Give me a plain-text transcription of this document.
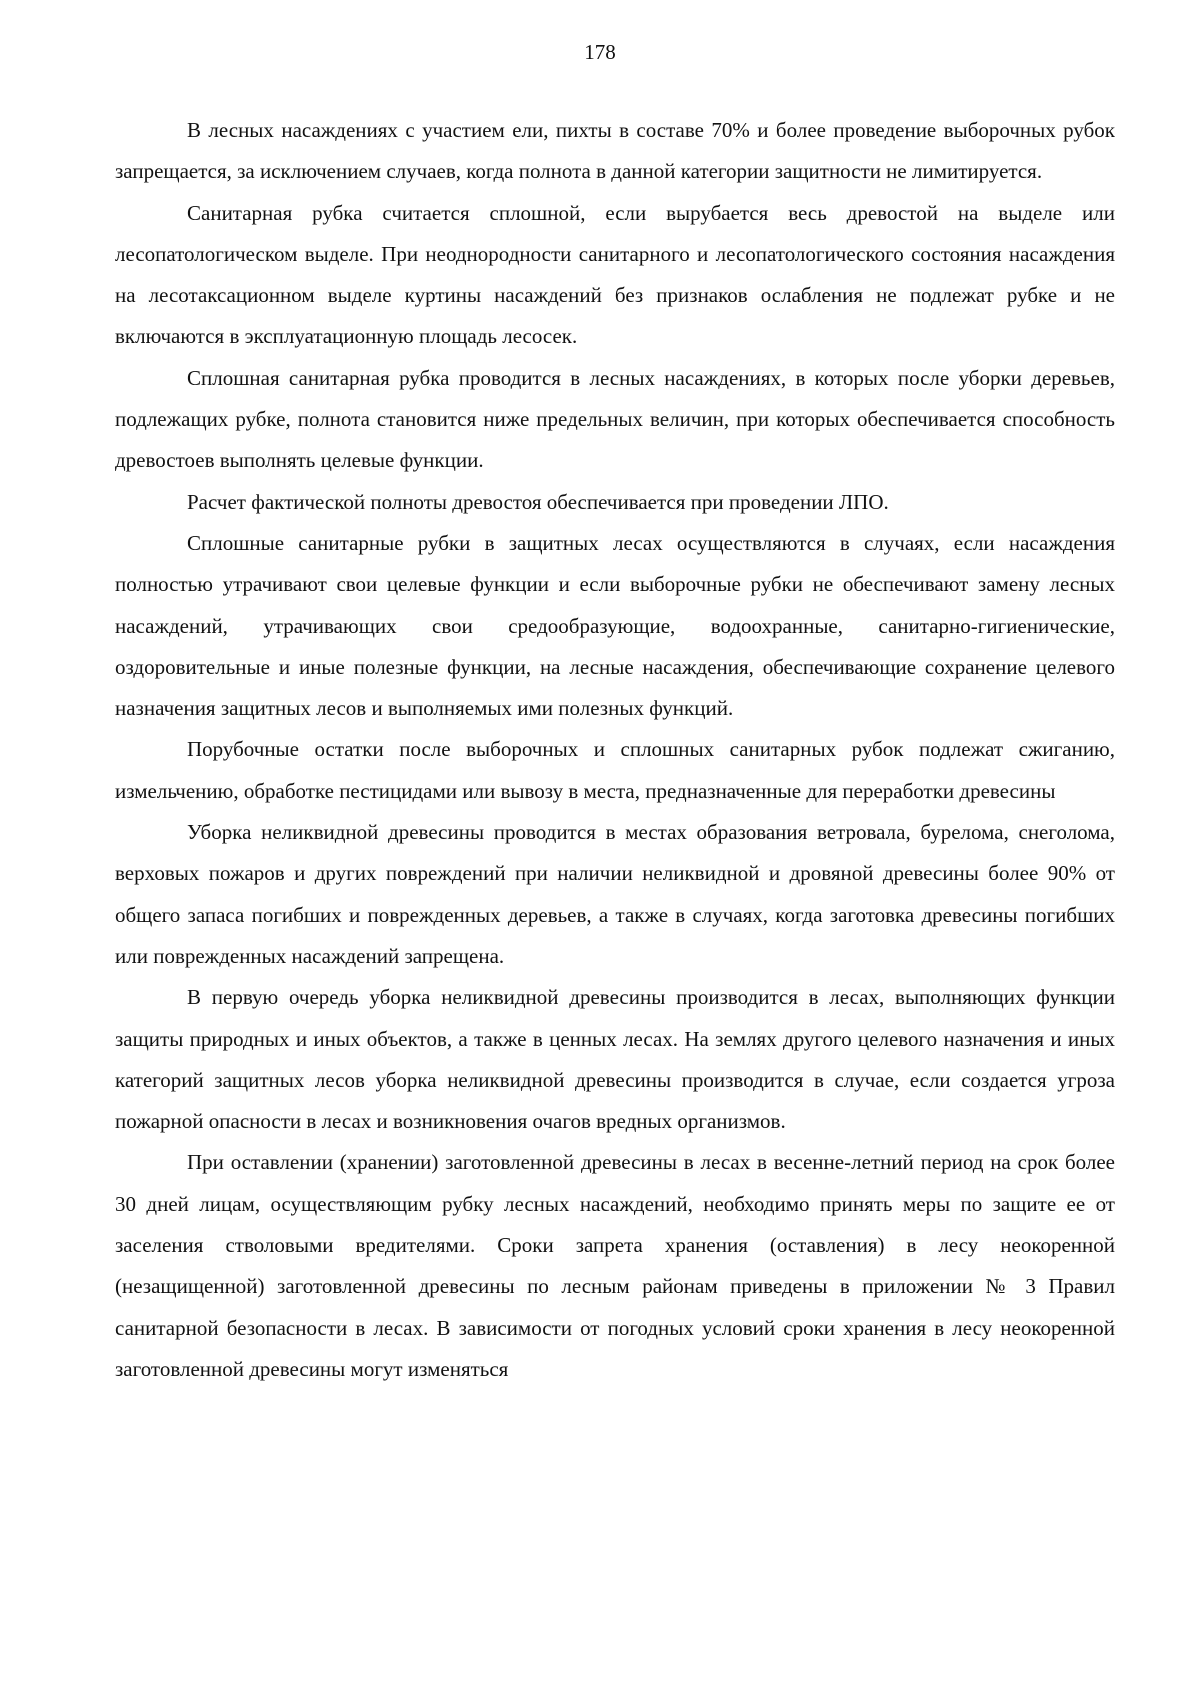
178

В лесных насаждениях с участием ели, пихты в составе 70% и более проведение выборочных рубок запрещается, за исключением случаев, когда полнота в данной категории защитности не лимитируется.

Санитарная рубка считается сплошной, если вырубается весь древостой на выделе или лесопатологическом выделе. При неоднородности санитарного и лесопатологического состояния насаждения на лесотаксационном выделе куртины насаждений без признаков ослабления не подлежат рубке и не включаются в эксплуатационную площадь лесосек.

Сплошная санитарная рубка проводится в лесных насаждениях, в которых после уборки деревьев, подлежащих рубке, полнота становится ниже предельных величин, при которых обеспечивается способность древостоев выполнять целевые функции.

Расчет фактической полноты древостоя обеспечивается при проведении ЛПО.

Сплошные санитарные рубки в защитных лесах осуществляются в случаях, если насаждения полностью утрачивают свои целевые функции и если выборочные рубки не обеспечивают замену лесных насаждений, утрачивающих свои средообразующие, водоохранные, санитарно-гигиенические, оздоровительные и иные полезные функции, на лесные насаждения, обеспечивающие сохранение целевого назначения защитных лесов и выполняемых ими полезных функций.

Порубочные остатки после выборочных и сплошных санитарных рубок подлежат сжиганию, измельчению, обработке пестицидами или вывозу в места, предназначенные для переработки древесины

Уборка неликвидной древесины проводится в местах образования ветровала, бурелома, снеголома, верховых пожаров и других повреждений при наличии неликвидной и дровяной древесины более 90% от общего запаса погибших и поврежденных деревьев, а также в случаях, когда заготовка древесины погибших или поврежденных насаждений запрещена.

В первую очередь уборка неликвидной древесины производится в лесах, выполняющих функции защиты природных и иных объектов, а также в ценных лесах. На землях другого целевого назначения и иных категорий защитных лесов уборка неликвидной древесины производится в случае, если создается угроза пожарной опасности в лесах и возникновения очагов вредных организмов.

При оставлении (хранении) заготовленной древесины в лесах в весенне-летний период на срок более 30 дней лицам, осуществляющим рубку лесных насаждений, необходимо принять меры по защите ее от заселения стволовыми вредителями. Сроки запрета хранения (оставления) в лесу неокоренной (незащищенной) заготовленной древесины по лесным районам приведены в приложении № 3 Правил санитарной безопасности в лесах. В зависимости от погодных условий сроки хранения в лесу неокоренной заготовленной древесины могут изменяться
